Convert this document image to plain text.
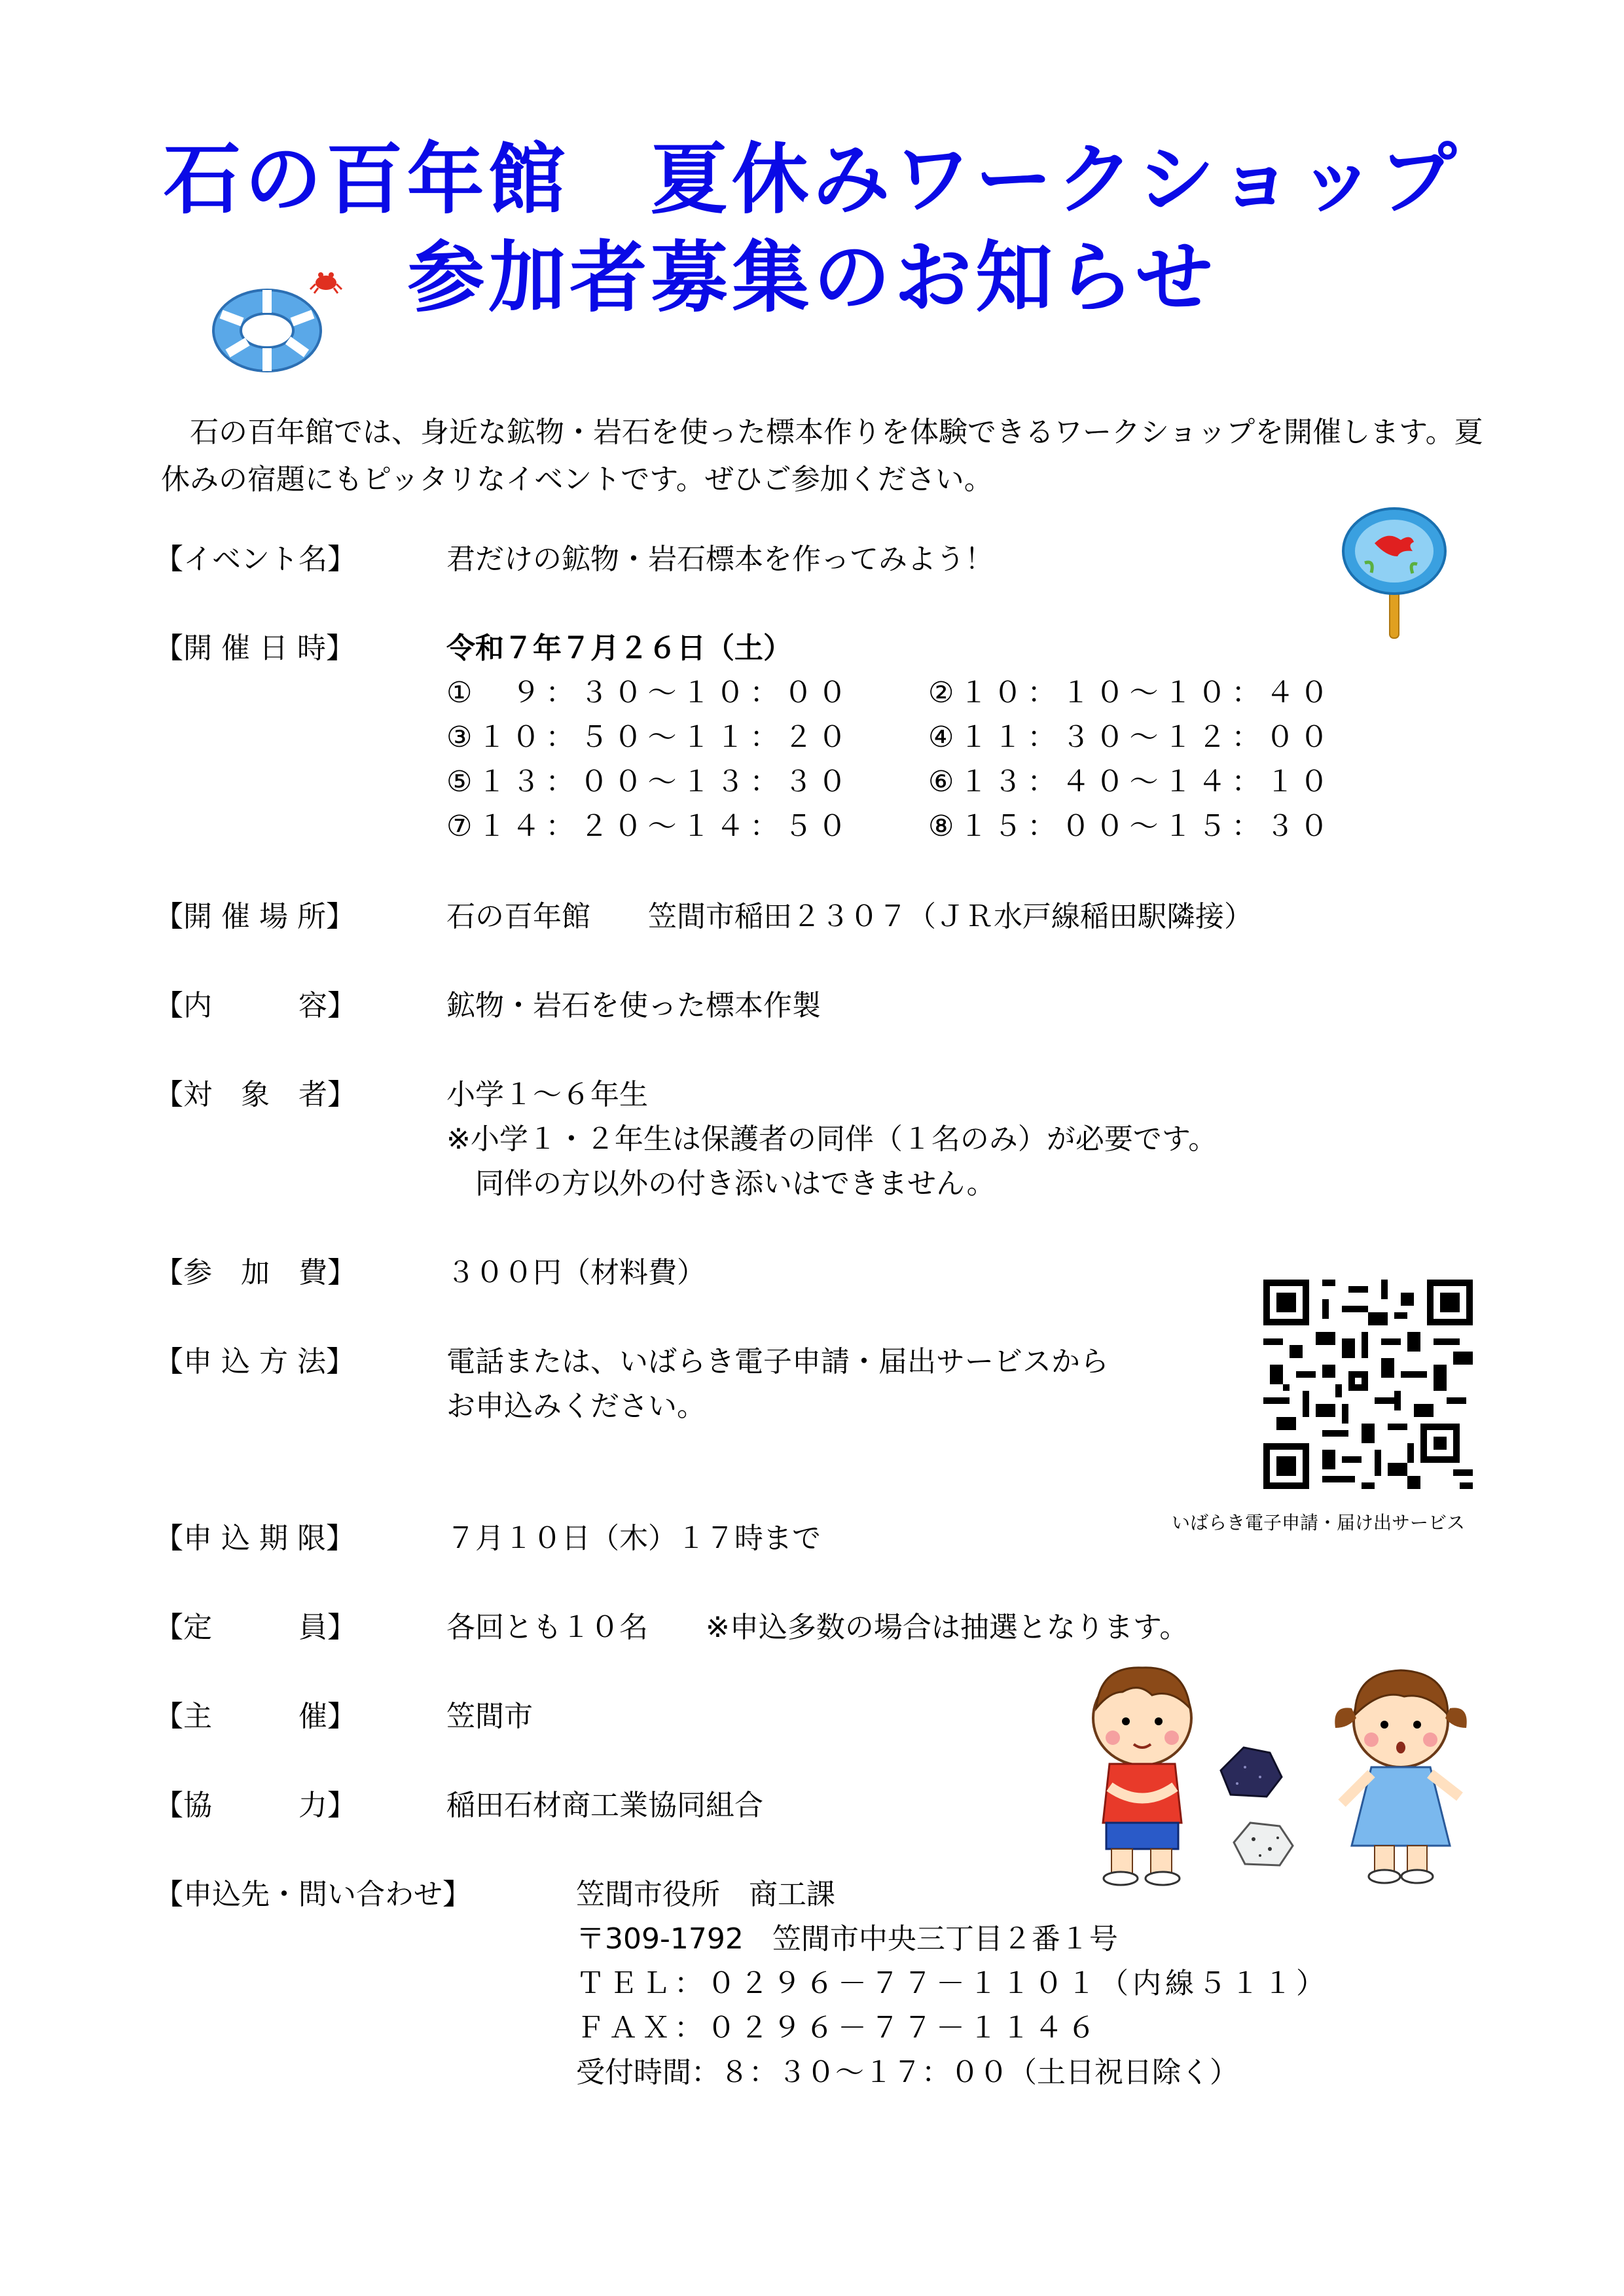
石の百年館　夏休みワークショップ
参加者募集のお知らせ
　石の百年館では、身近な鉱物・岩石を使った標本作りを体験できるワークショップを開催します。夏休みの宿題にもピッタリなイベントです。ぜひご参加ください。
【イベント名】	君だけの鉱物・岩石標本を作ってみよう！
【開 催 日 時】	令和７年７月２６日（土）
①　９：３０～１０：００	②１０：１０～１０：４０
③１０：５０～１１：２０	④１１：３０～１２：００
⑤１３：００～１３：３０	⑥１３：４０～１４：１０
⑦１４：２０～１４：５０	⑧１５：００～１５：３０
【開 催 場 所】	石の百年館　　笠間市稲田２３０７（ＪＲ水戸線稲田駅隣接）
【内　　　容】	鉱物・岩石を使った標本作製
【対　象　者】	小学１～６年生
※小学１・２年生は保護者の同伴（１名のみ）が必要です。
　同伴の方以外の付き添いはできません。
【参　加　費】	３００円（材料費）
いばらき電子申請・届け出サービス
【申 込 方 法】	電話または、いばらき電子申請・届出サービスから
お申込みください。
【申 込 期 限】	７月１０日（木）１７時まで
【定　　　員】	各回とも１０名　　※申込多数の場合は抽選となります。
【主　　　催】	笠間市
【協　　　力】	稲田石材商工業協同組合
【申込先・問い合わせ】	笠間市役所　商工課
〒309-1792　笠間市中央三丁目２番１号
ＴＥＬ：０２９６－７７－１１０１（内線５１１）
ＦＡＸ：０２９６－７７－１１４６
受付時間：８：３０～１７：００（土日祝日除く）
